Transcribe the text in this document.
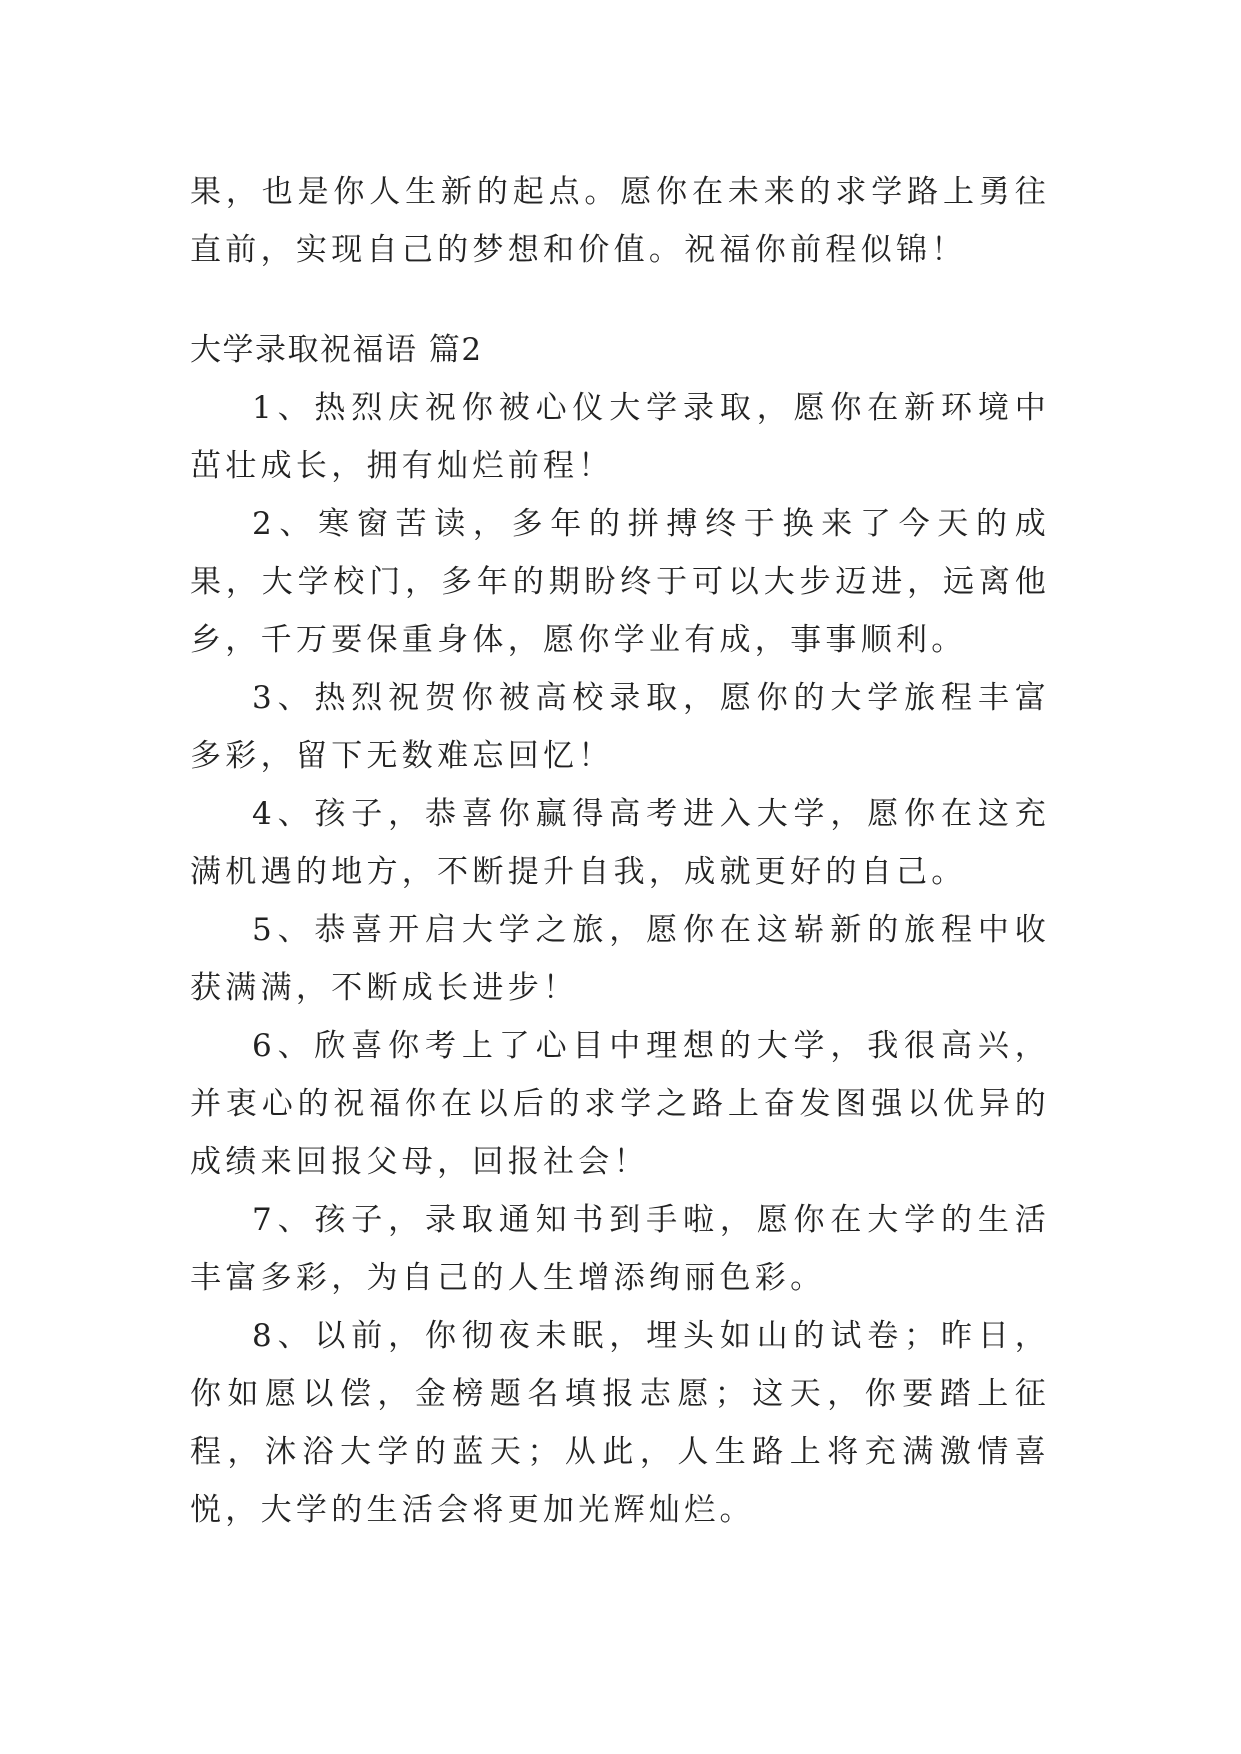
果，也是你人生新的起点。愿你在未来的求学路上勇往直前，实现自己的梦想和价值。祝福你前程似锦！

大学录取祝福语 篇2

1、热烈庆祝你被心仪大学录取，愿你在新环境中茁壮成长，拥有灿烂前程！

2、寒窗苦读，多年的拼搏终于换来了今天的成果，大学校门，多年的期盼终于可以大步迈进，远离他乡，千万要保重身体，愿你学业有成，事事顺利。

3、热烈祝贺你被高校录取，愿你的大学旅程丰富多彩，留下无数难忘回忆！

4、孩子，恭喜你赢得高考进入大学，愿你在这充满机遇的地方，不断提升自我，成就更好的自己。

5、恭喜开启大学之旅，愿你在这崭新的旅程中收获满满，不断成长进步！

6、欣喜你考上了心目中理想的大学，我很高兴，并衷心的祝福你在以后的求学之路上奋发图强以优异的成绩来回报父母，回报社会！

7、孩子，录取通知书到手啦，愿你在大学的生活丰富多彩，为自己的人生增添绚丽色彩。

8、以前，你彻夜未眠，埋头如山的试卷；昨日，你如愿以偿，金榜题名填报志愿；这天，你要踏上征程，沐浴大学的蓝天；从此，人生路上将充满激情喜悦，大学的生活会将更加光辉灿烂。
